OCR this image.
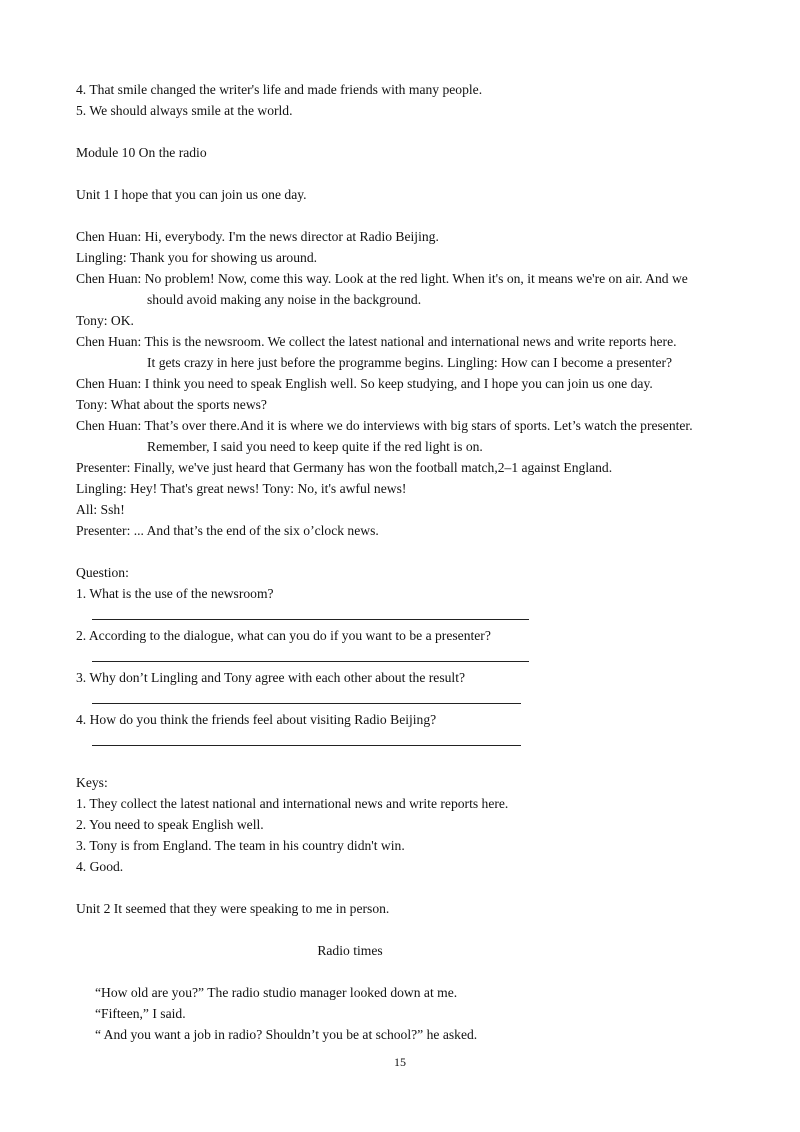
4. That smile changed the writer's life and made friends with many people.
5. We should always smile at the world.
Module 10 On the radio
Unit 1 I hope that you can join us one day.
Chen Huan: Hi, everybody. I'm the news director at Radio Beijing.
Lingling: Thank you for showing us around.
Chen Huan: No problem! Now, come this way. Look at the red light. When it's on, it means we're on air. And we
should avoid making any noise in the background.
Tony: OK.
Chen Huan: This is the newsroom. We collect the latest national and international news and write reports here.
It gets crazy in here just before the programme begins. Lingling: How can I become a presenter?
Chen Huan: I think you need to speak English well. So keep studying, and I hope you can join us one day.
Tony: What about the sports news?
Chen Huan: That’s over there.And it is where we do interviews with big stars of sports. Let’s watch the presenter.
Remember, I said you need to keep quite if the red light is on.
Presenter: Finally, we've just heard that Germany has won the football match,2–1 against England.
Lingling: Hey! That's great news! Tony: No, it's awful news!
All: Ssh!
Presenter: ... And that’s the end of the six o’clock news.
Question:
1. What is the use of the newsroom?
2. According to the dialogue, what can you do if you want to be a presenter?
3. Why don’t Lingling and Tony agree with each other about the result?
4. How do you think the friends feel about visiting Radio Beijing?
Keys:
1. They collect the latest national and international news and write reports here.
2. You need to speak English well.
3. Tony is from England. The team in his country didn't win.
4. Good.
Unit 2 It seemed that they were speaking to me in person.
Radio times
“How old are you?” The radio studio manager looked down at me.
“Fifteen,” I said.
“ And you want a job in radio? Shouldn’t you be at school?” he asked.
15
